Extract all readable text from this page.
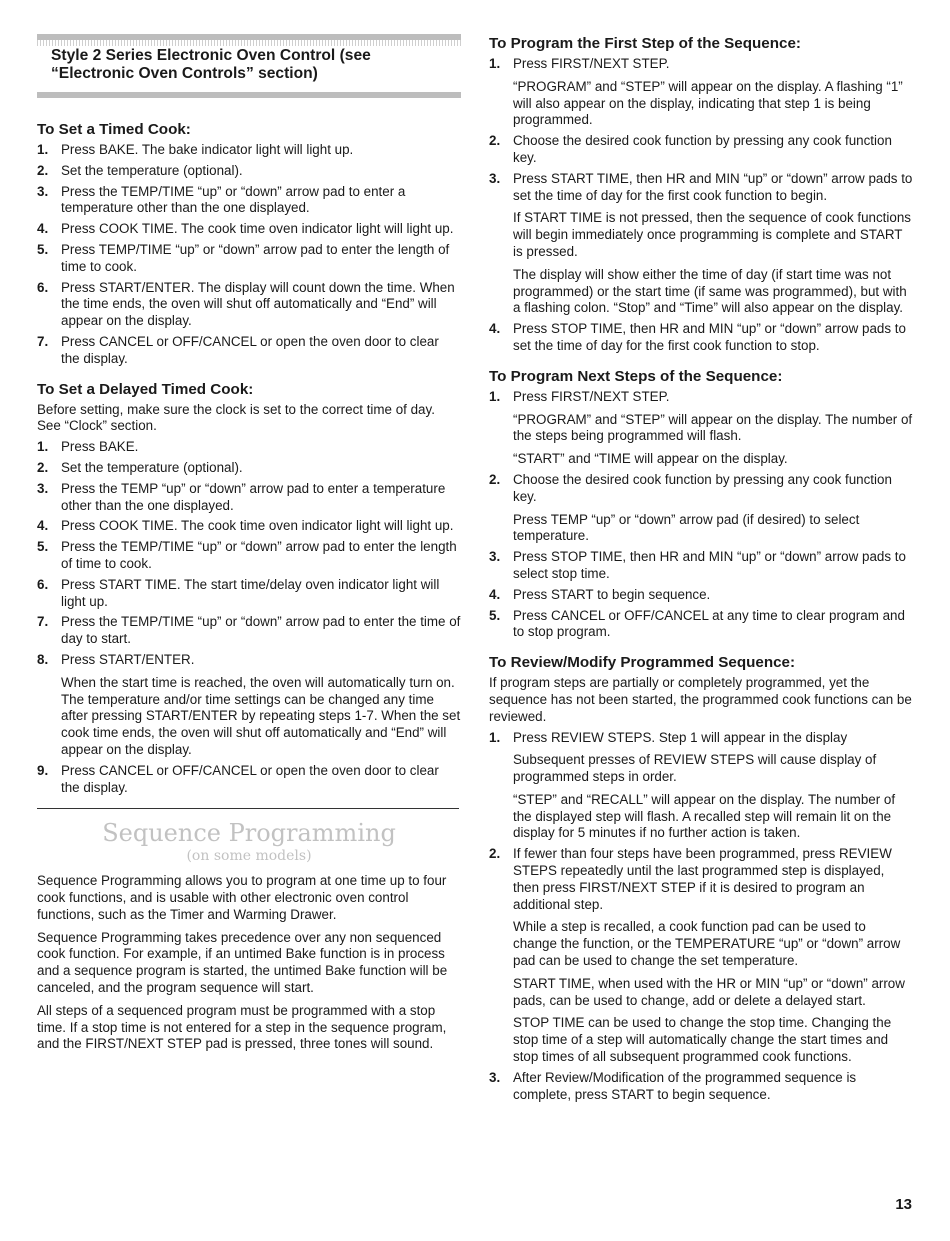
Style 2 Series Electronic Oven Control (see “Electronic Oven Controls” section)
To Set a Timed Cook:
1. Press BAKE. The bake indicator light will light up.
2. Set the temperature (optional).
3. Press the TEMP/TIME “up” or “down” arrow pad to enter a temperature other than the one displayed.
4. Press COOK TIME. The cook time oven indicator light will light up.
5. Press TEMP/TIME “up” or “down” arrow pad to enter the length of time to cook.
6. Press START/ENTER. The display will count down the time. When the time ends, the oven will shut off automatically and “End” will appear on the display.
7. Press CANCEL or OFF/CANCEL or open the oven door to clear the display.
To Set a Delayed Timed Cook:

Before setting, make sure the clock is set to the correct time of day. See “Clock” section.

1. Press BAKE.
2. Set the temperature (optional).
3. Press the TEMP “up” or “down” arrow pad to enter a temperature other than the one displayed.
4. Press COOK TIME. The cook time oven indicator light will light up.
5. Press the TEMP/TIME “up” or “down” arrow pad to enter the length of time to cook.
6. Press START TIME. The start time/delay oven indicator light will light up.
7. Press the TEMP/TIME “up” or “down” arrow pad to enter the time of day to start.
8. Press START/ENTER.
When the start time is reached, the oven will automatically turn on. The temperature and/or time settings can be changed any time after pressing START/ENTER by repeating steps 1-7. When the set cook time ends, the oven will shut off automatically and “End” will appear on the display.
9. Press CANCEL or OFF/CANCEL or open the oven door to clear the display.
Sequence Programming
(on some models)

Sequence Programming allows you to program at one time up to four cook functions, and is usable with other electronic oven control functions, such as the Timer and Warming Drawer.

Sequence Programming takes precedence over any non sequenced cook function. For example, if an untimed Bake function is in process and a sequence program is started, the untimed Bake function will be canceled, and the program sequence will start.

All steps of a sequenced program must be programmed with a stop time. If a stop time is not entered for a step in the sequence program, and the FIRST/NEXT STEP pad is pressed, three tones will sound.

To Program the First Step of the Sequence:
1. Press FIRST/NEXT STEP.
“PROGRAM” and “STEP” will appear on the display. A flashing “1” will also appear on the display, indicating that step 1 is being programmed.
2. Choose the desired cook function by pressing any cook function key.
3. Press START TIME, then HR and MIN “up” or “down” arrow pads to set the time of day for the first cook function to begin.
If START TIME is not pressed, then the sequence of cook functions will begin immediately once programming is complete and START is pressed.
The display will show either the time of day (if start time was not programmed) or the start time (if same was programmed), but with a flashing colon. “Stop” and “Time” will also appear on the display.
4. Press STOP TIME, then HR and MIN “up” or “down” arrow pads to set the time of day for the first cook function to stop.
To Program Next Steps of the Sequence:
1. Press FIRST/NEXT STEP.
“PROGRAM” and “STEP” will appear on the display. The number of the steps being programmed will flash.
“START” and “TIME will appear on the display.
2. Choose the desired cook function by pressing any cook function key.
Press TEMP “up” or “down” arrow pad (if desired) to select temperature.
3. Press STOP TIME, then HR and MIN “up” or “down” arrow pads to select stop time.
4. Press START to begin sequence.
5. Press CANCEL or OFF/CANCEL at any time to clear program and to stop program.
To Review/Modify Programmed Sequence:

If program steps are partially or completely programmed, yet the sequence has not been started, the programmed cook functions can be reviewed.

1. Press REVIEW STEPS. Step 1 will appear in the display
Subsequent presses of REVIEW STEPS will cause display of programmed steps in order.
“STEP” and “RECALL” will appear on the display. The number of the displayed step will flash. A recalled step will remain lit on the display for 5 minutes if no further action is taken.
2. If fewer than four steps have been programmed, press REVIEW STEPS repeatedly until the last programmed step is displayed, then press FIRST/NEXT STEP if it is desired to program an additional step.
While a step is recalled, a cook function pad can be used to change the function, or the TEMPERATURE “up” or “down” arrow pad can be used to change the set temperature.
START TIME, when used with the HR or MIN “up” or “down” arrow pads, can be used to change, add or delete a delayed start.
STOP TIME can be used to change the stop time. Changing the stop time of a step will automatically change the start times and stop times of all subsequent programmed cook functions.
3. After Review/Modification of the programmed sequence is complete, press START to begin sequence.
13
